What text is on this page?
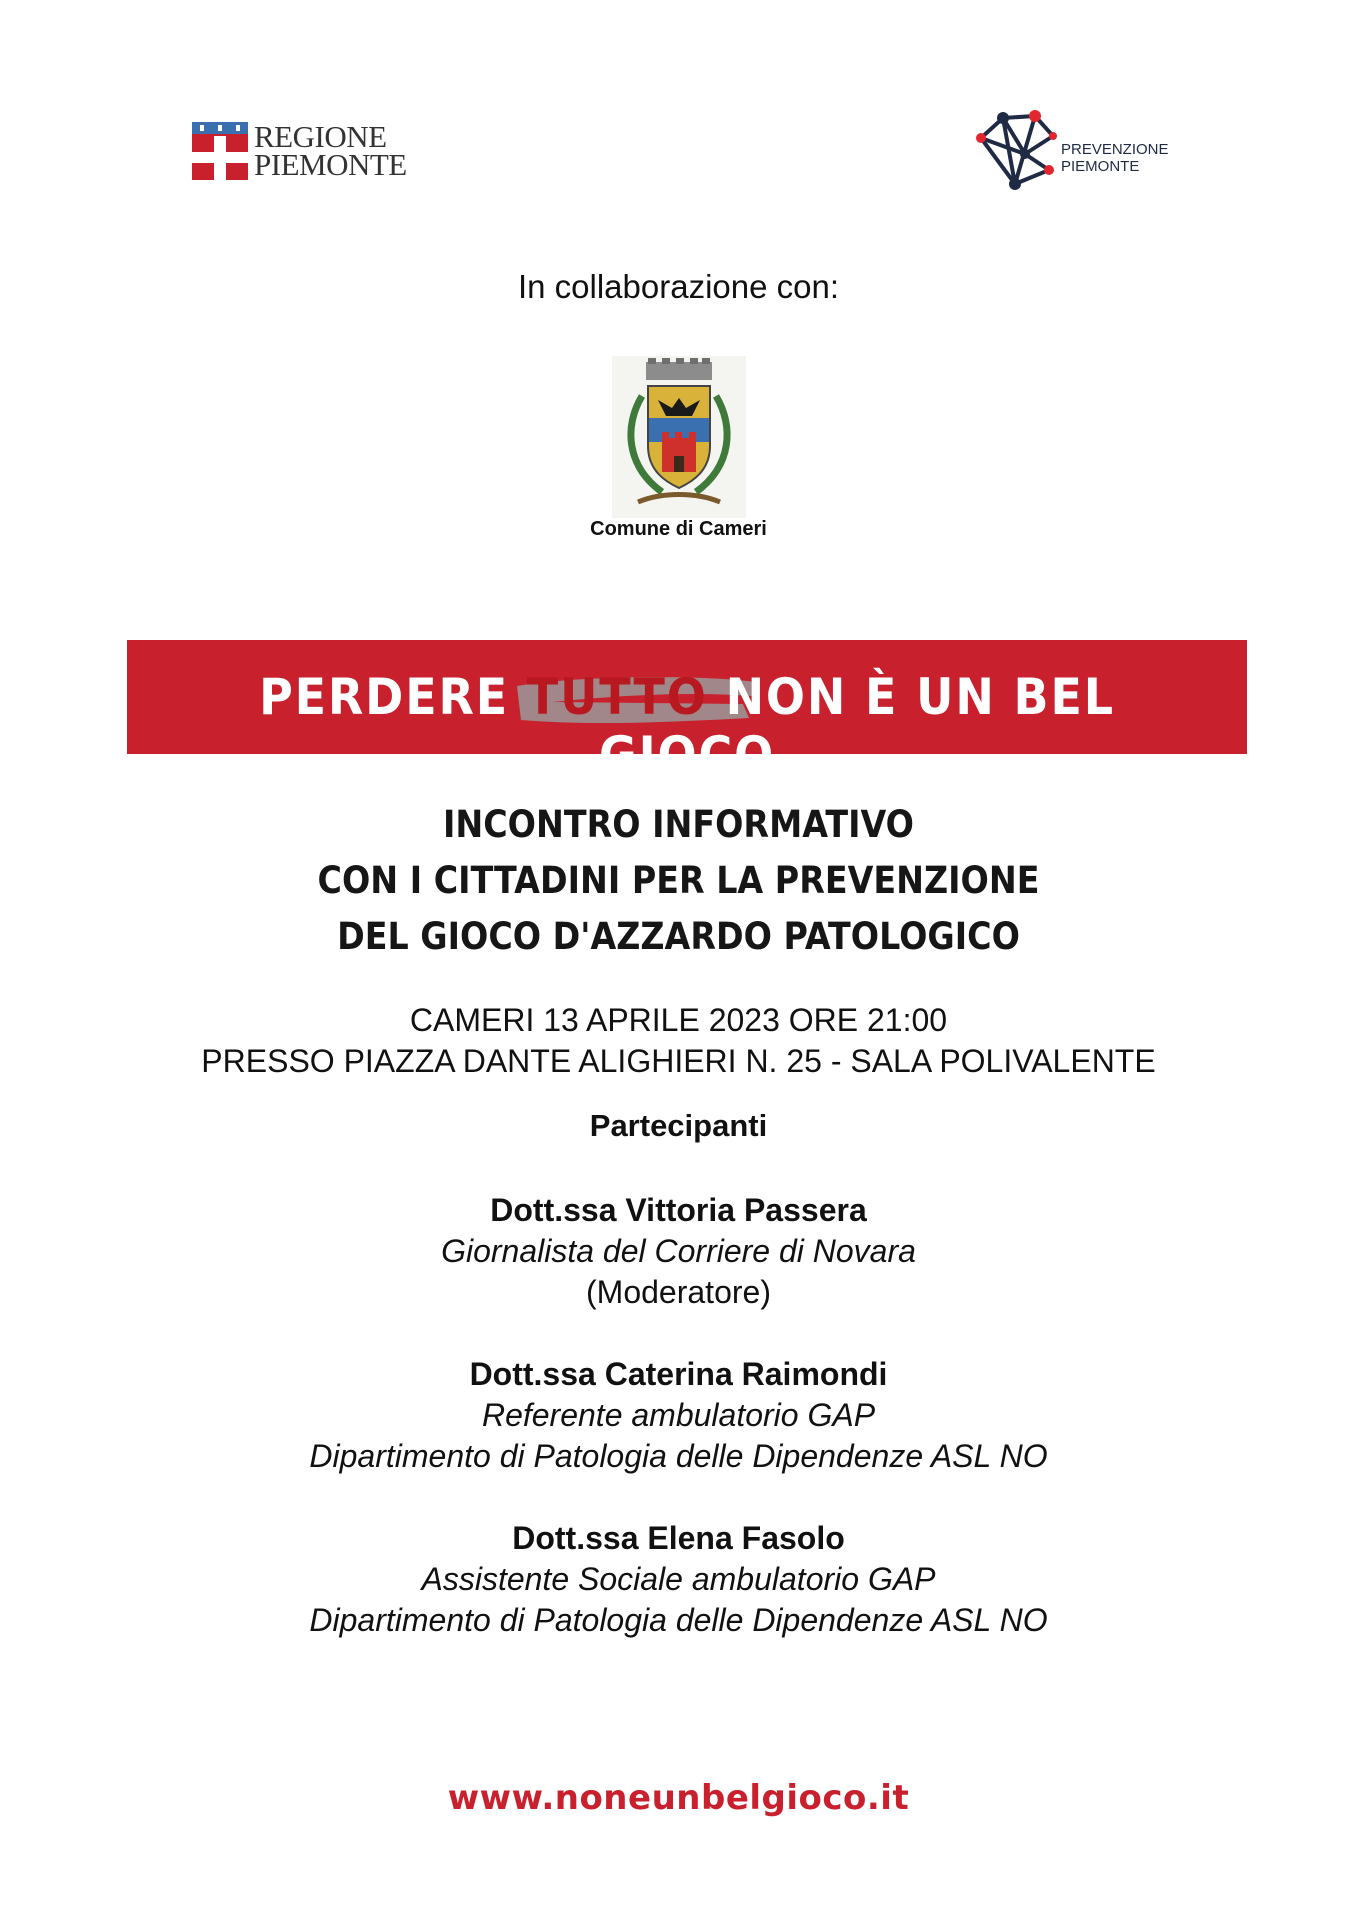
REGIONE
PIEMONTE	PREVENZIONE
PIEMONTE
In collaborazione con:
Comune di Cameri
PERDERE TUTTO NON È UN BEL GIOCO
INCONTRO INFORMATIVO
CON I CITTADINI PER LA PREVENZIONE
DEL GIOCO D'AZZARDO PATOLOGICO
CAMERI 13 APRILE 2023 ORE 21:00
PRESSO PIAZZA DANTE ALIGHIERI N. 25 - SALA POLIVALENTE
Partecipanti
Dott.ssa Vittoria Passera
Giornalista del Corriere di Novara
(Moderatore)
Dott.ssa Caterina Raimondi
Referente ambulatorio GAP
Dipartimento di Patologia delle Dipendenze ASL NO
Dott.ssa Elena Fasolo
Assistente Sociale ambulatorio GAP
Dipartimento di Patologia delle Dipendenze ASL NO
www.noneunbelgioco.it
